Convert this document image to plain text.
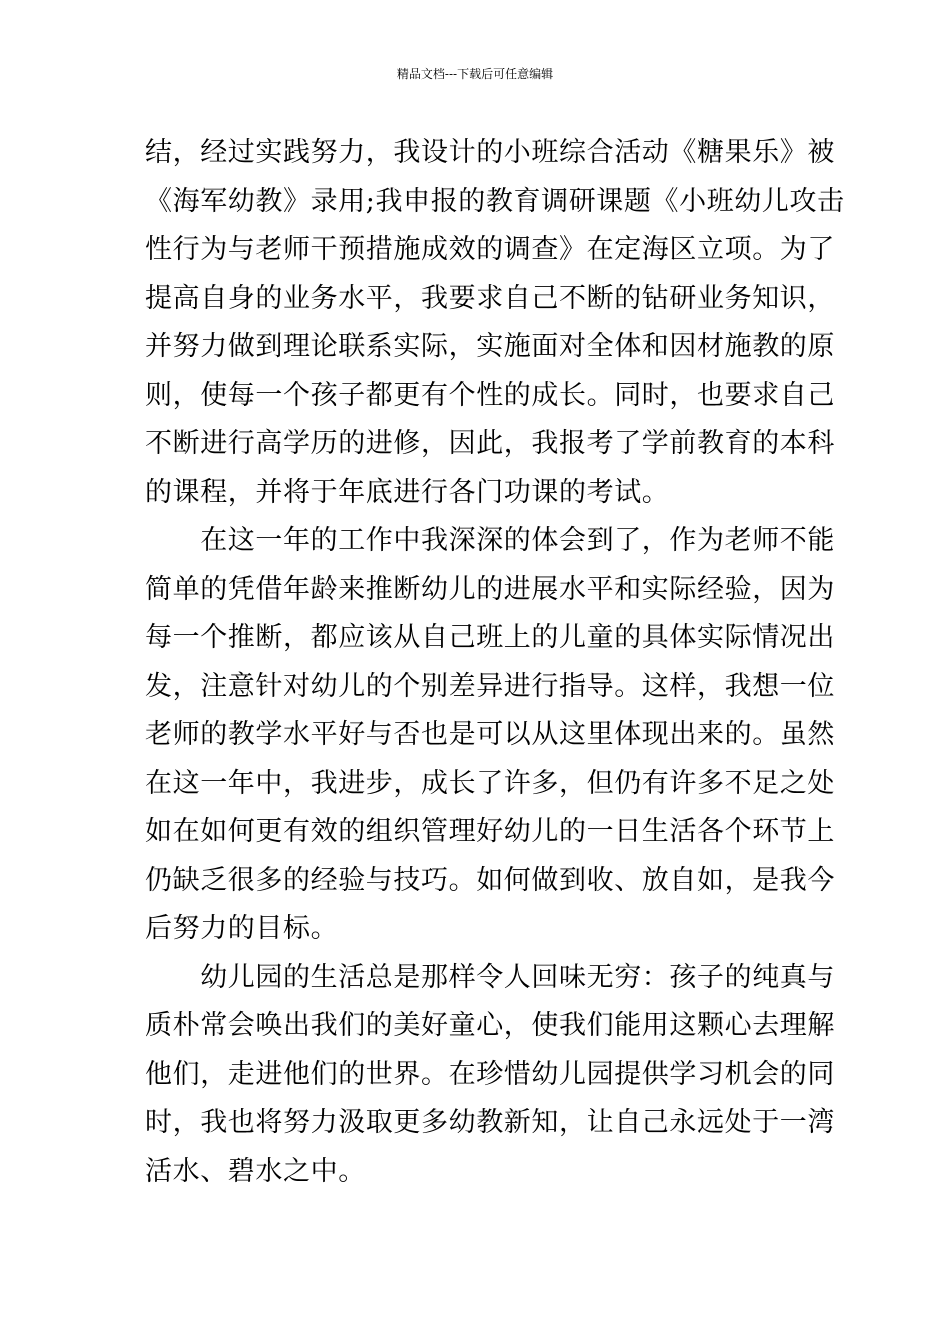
精品文档---下载后可任意编辑
结，经过实践努力，我设计的小班综合活动《糖果乐》被
《海军幼教》录用;我申报的教育调研课题《小班幼儿攻击
性行为与老师干预措施成效的调查》在定海区立项。为了
提高自身的业务水平，我要求自己不断的钻研业务知识，
并努力做到理论联系实际，实施面对全体和因材施教的原
则，使每一个孩子都更有个性的成长。同时，也要求自己
不断进行高学历的进修，因此，我报考了学前教育的本科
的课程，并将于年底进行各门功课的考试。
　　在这一年的工作中我深深的体会到了，作为老师不能
简单的凭借年龄来推断幼儿的进展水平和实际经验，因为
每一个推断，都应该从自己班上的儿童的具体实际情况出
发，注意针对幼儿的个别差异进行指导。这样，我想一位
老师的教学水平好与否也是可以从这里体现出来的。虽然
在这一年中，我进步，成长了许多，但仍有许多不足之处
如在如何更有效的组织管理好幼儿的一日生活各个环节上
仍缺乏很多的经验与技巧。如何做到收、放自如，是我今
后努力的目标。
　　幼儿园的生活总是那样令人回味无穷：孩子的纯真与
质朴常会唤出我们的美好童心，使我们能用这颗心去理解
他们，走进他们的世界。在珍惜幼儿园提供学习机会的同
时，我也将努力汲取更多幼教新知，让自己永远处于一湾
活水、碧水之中。
